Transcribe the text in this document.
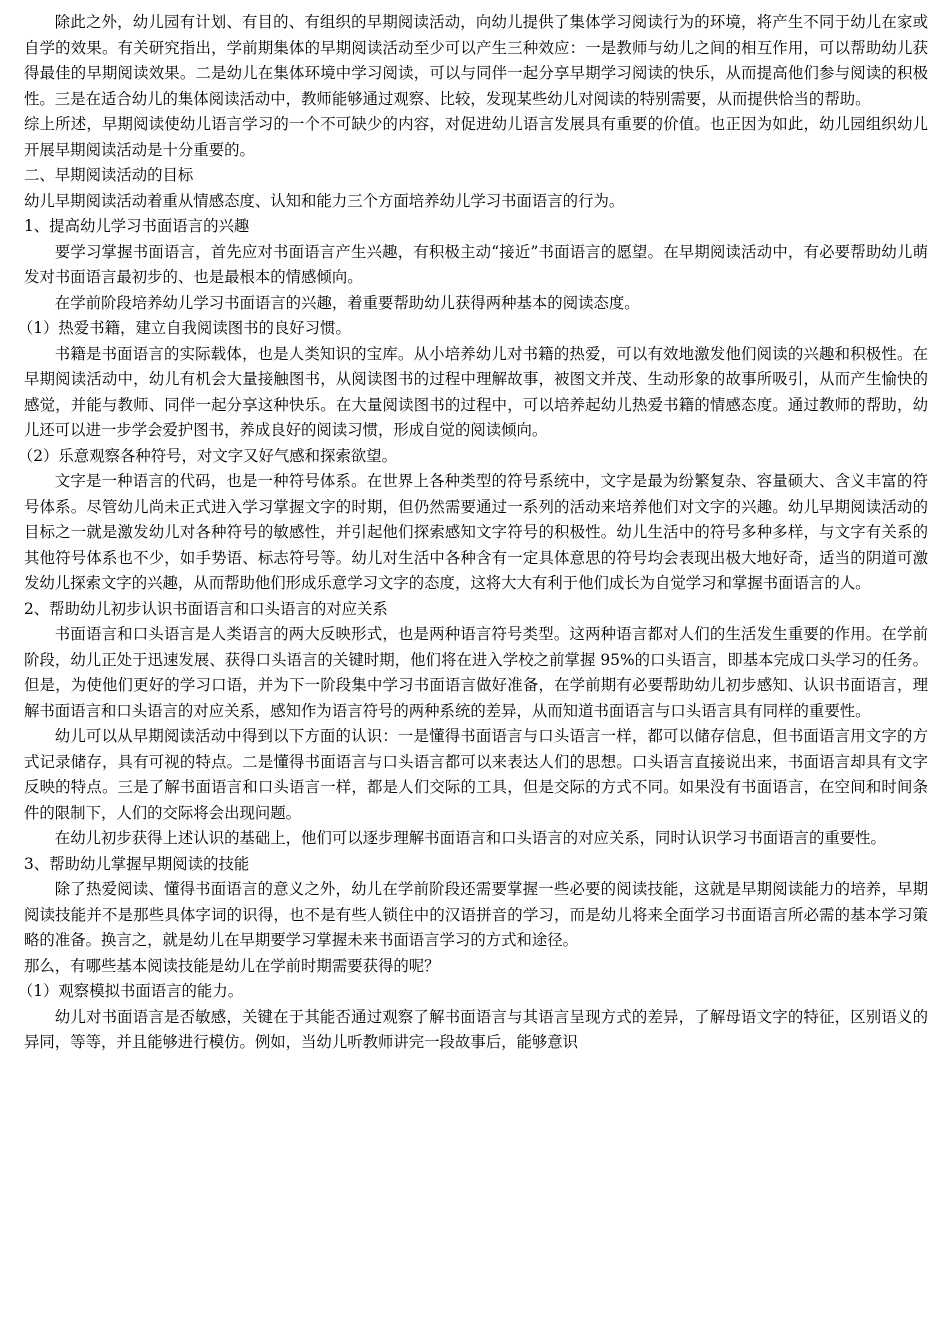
除此之外，幼儿园有计划、有目的、有组织的早期阅读活动，向幼儿提供了集体学习阅读行为的环境，将产生不同于幼儿在家或自学的效果。有关研究指出，学前期集体的早期阅读活动至少可以产生三种效应：一是教师与幼儿之间的相互作用，可以帮助幼儿获得最佳的早期阅读效果。二是幼儿在集体环境中学习阅读，可以与同伴一起分享早期学习阅读的快乐，从而提高他们参与阅读的积极性。三是在适合幼儿的集体阅读活动中，教师能够通过观察、比较，发现某些幼儿对阅读的特别需要，从而提供恰当的帮助。

综上所述，早期阅读使幼儿语言学习的一个不可缺少的内容，对促进幼儿语言发展具有重要的价值。也正因为如此，幼儿园组织幼儿开展早期阅读活动是十分重要的。

二、早期阅读活动的目标

幼儿早期阅读活动着重从情感态度、认知和能力三个方面培养幼儿学习书面语言的行为。

1、提高幼儿学习书面语言的兴趣

要学习掌握书面语言，首先应对书面语言产生兴趣，有积极主动“接近”书面语言的愿望。在早期阅读活动中，有必要帮助幼儿萌发对书面语言最初步的、也是最根本的情感倾向。

在学前阶段培养幼儿学习书面语言的兴趣，着重要帮助幼儿获得两种基本的阅读态度。

（1）热爱书籍，建立自我阅读图书的良好习惯。

书籍是书面语言的实际载体，也是人类知识的宝库。从小培养幼儿对书籍的热爱，可以有效地激发他们阅读的兴趣和积极性。在早期阅读活动中，幼儿有机会大量接触图书，从阅读图书的过程中理解故事，被图文并茂、生动形象的故事所吸引，从而产生愉快的感觉，并能与教师、同伴一起分享这种快乐。在大量阅读图书的过程中，可以培养起幼儿热爱书籍的情感态度。通过教师的帮助，幼儿还可以进一步学会爱护图书，养成良好的阅读习惯，形成自觉的阅读倾向。

（2）乐意观察各种符号，对文字又好气感和探索欲望。

文字是一种语言的代码，也是一种符号体系。在世界上各种类型的符号系统中，文字是最为纷繁复杂、容量硕大、含义丰富的符号体系。尽管幼儿尚未正式进入学习掌握文字的时期，但仍然需要通过一系列的活动来培养他们对文字的兴趣。幼儿早期阅读活动的目标之一就是激发幼儿对各种符号的敏感性，并引起他们探索感知文字符号的积极性。幼儿生活中的符号多种多样，与文字有关系的其他符号体系也不少，如手势语、标志符号等。幼儿对生活中各种含有一定具体意思的符号均会表现出极大地好奇，适当的阴道可激发幼儿探索文字的兴趣，从而帮助他们形成乐意学习文字的态度，这将大大有利于他们成长为自觉学习和掌握书面语言的人。

2、帮助幼儿初步认识书面语言和口头语言的对应关系

书面语言和口头语言是人类语言的两大反映形式，也是两种语言符号类型。这两种语言都对人们的生活发生重要的作用。在学前阶段，幼儿正处于迅速发展、获得口头语言的关键时期，他们将在进入学校之前掌握 95%的口头语言，即基本完成口头学习的任务。但是，为使他们更好的学习口语，并为下一阶段集中学习书面语言做好准备，在学前期有必要帮助幼儿初步感知、认识书面语言，理解书面语言和口头语言的对应关系，感知作为语言符号的两种系统的差异，从而知道书面语言与口头语言具有同样的重要性。

幼儿可以从早期阅读活动中得到以下方面的认识：一是懂得书面语言与口头语言一样，都可以储存信息，但书面语言用文字的方式记录储存，具有可视的特点。二是懂得书面语言与口头语言都可以来表达人们的思想。口头语言直接说出来，书面语言却具有文字反映的特点。三是了解书面语言和口头语言一样，都是人们交际的工具，但是交际的方式不同。如果没有书面语言，在空间和时间条件的限制下，人们的交际将会出现问题。

在幼儿初步获得上述认识的基础上，他们可以逐步理解书面语言和口头语言的对应关系，同时认识学习书面语言的重要性。

3、帮助幼儿掌握早期阅读的技能

除了热爱阅读、懂得书面语言的意义之外，幼儿在学前阶段还需要掌握一些必要的阅读技能，这就是早期阅读能力的培养，早期阅读技能并不是那些具体字词的识得，也不是有些人锁住中的汉语拼音的学习，而是幼儿将来全面学习书面语言所必需的基本学习策略的准备。换言之，就是幼儿在早期要学习掌握未来书面语言学习的方式和途径。

那么，有哪些基本阅读技能是幼儿在学前时期需要获得的呢？

（1）观察模拟书面语言的能力。

幼儿对书面语言是否敏感，关键在于其能否通过观察了解书面语言与其语言呈现方式的差异，了解母语文字的特征，区别语义的异同，等等，并且能够进行模仿。例如，当幼儿听教师讲完一段故事后，能够意识
